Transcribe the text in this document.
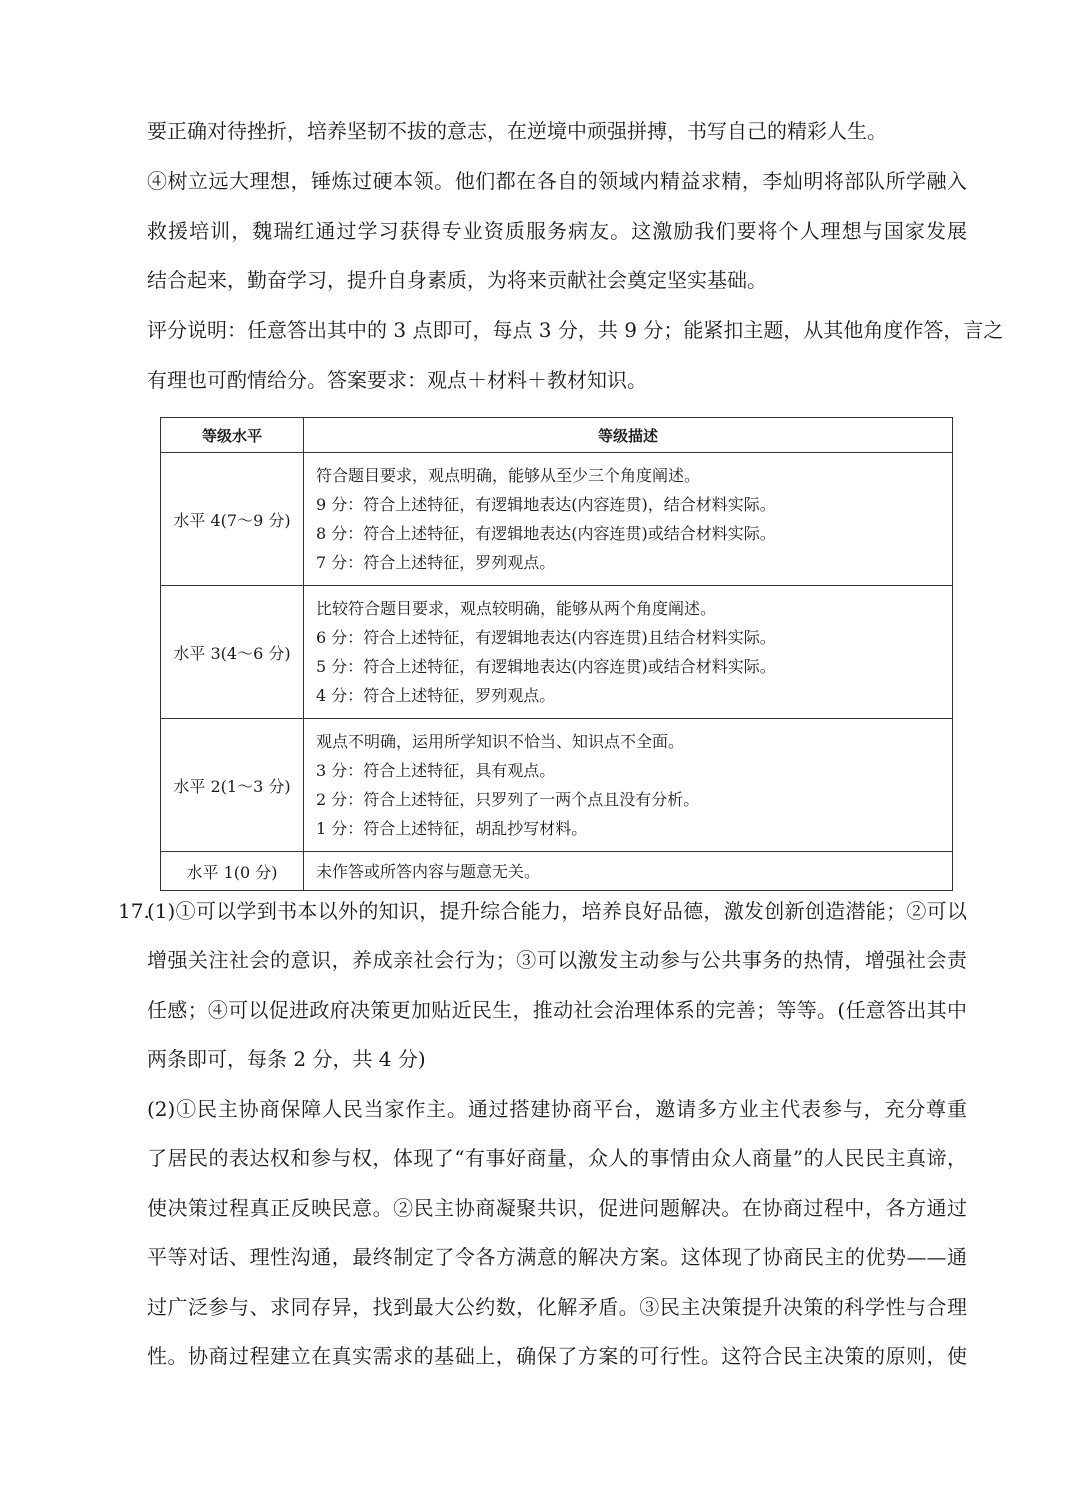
要正确对待挫折，培养坚韧不拔的意志，在逆境中顽强拼搏，书写自己的精彩人生。
④树立远大理想，锤炼过硬本领。他们都在各自的领域内精益求精，李灿明将部队所学融入
救援培训，魏瑞红通过学习获得专业资质服务病友。这激励我们要将个人理想与国家发展
结合起来，勤奋学习，提升自身素质，为将来贡献社会奠定坚实基础。
评分说明：任意答出其中的 3 点即可，每点 3 分，共 9 分；能紧扣主题，从其他角度作答，言之
有理也可酌情给分。答案要求：观点＋材料＋教材知识。
等级水平	等级描述
水平 4(7～9 分)	符合题目要求，观点明确，能够从至少三个角度阐述。
9 分：符合上述特征，有逻辑地表达(内容连贯)，结合材料实际。
8 分：符合上述特征，有逻辑地表达(内容连贯)或结合材料实际。
7 分：符合上述特征，罗列观点。

水平 3(4～6 分)	比较符合题目要求，观点较明确，能够从两个角度阐述。
6 分：符合上述特征，有逻辑地表达(内容连贯)且结合材料实际。
5 分：符合上述特征，有逻辑地表达(内容连贯)或结合材料实际。
4 分：符合上述特征，罗列观点。

水平 2(1～3 分)	观点不明确，运用所学知识不恰当、知识点不全面。
3 分：符合上述特征，具有观点。
2 分：符合上述特征，只罗列了一两个点且没有分析。
1 分：符合上述特征，胡乱抄写材料。

水平 1(0 分)	未作答或所答内容与题意无关。
17.
(1)①可以学到书本以外的知识，提升综合能力，培养良好品德，激发创新创造潜能；②可以
增强关注社会的意识，养成亲社会行为；③可以激发主动参与公共事务的热情，增强社会责
任感；④可以促进政府决策更加贴近民生，推动社会治理体系的完善；等等。(任意答出其中
两条即可，每条 2 分，共 4 分)
(2)①民主协商保障人民当家作主。通过搭建协商平台，邀请多方业主代表参与，充分尊重
了居民的表达权和参与权，体现了“有事好商量，众人的事情由众人商量”的人民民主真谛，
使决策过程真正反映民意。②民主协商凝聚共识，促进问题解决。在协商过程中，各方通过
平等对话、理性沟通，最终制定了令各方满意的解决方案。这体现了协商民主的优势——通
过广泛参与、求同存异，找到最大公约数，化解矛盾。③民主决策提升决策的科学性与合理
性。协商过程建立在真实需求的基础上，确保了方案的可行性。这符合民主决策的原则，使
